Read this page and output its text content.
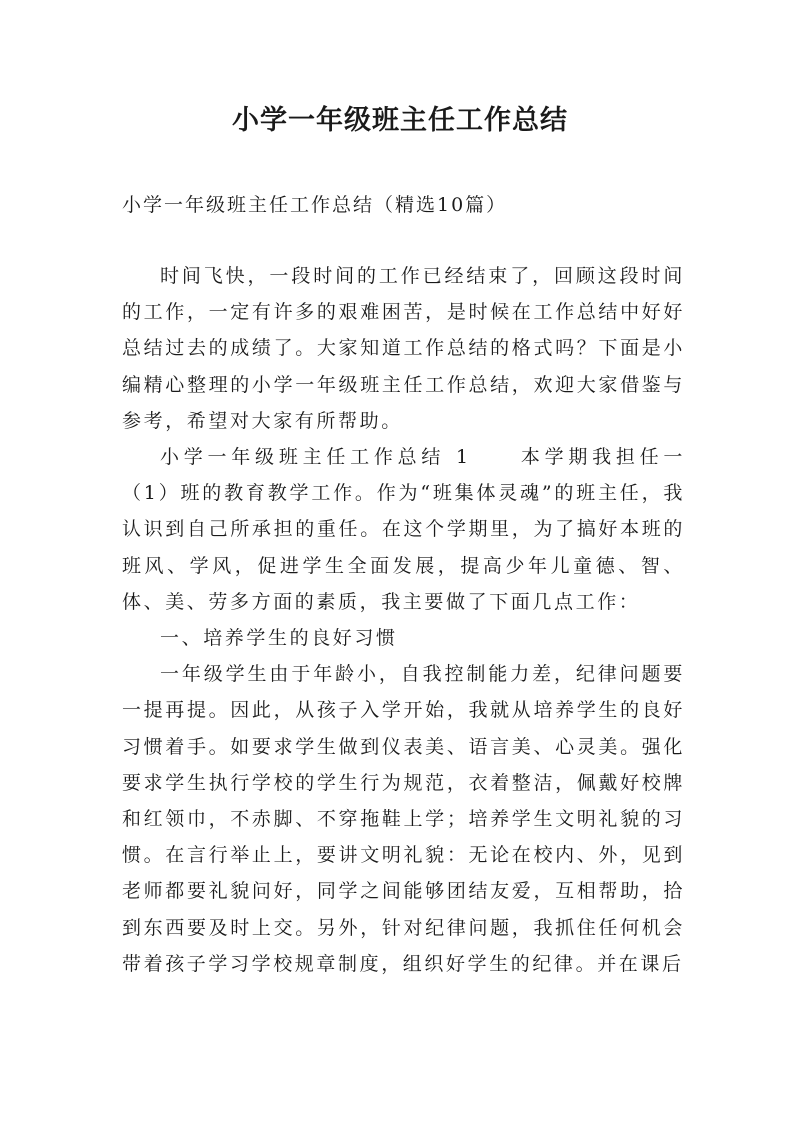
小学一年级班主任工作总结

小学一年级班主任工作总结（精选10篇）

时间飞快，一段时间的工作已经结束了，回顾这段时间的工作，一定有许多的艰难困苦，是时候在工作总结中好好总结过去的成绩了。大家知道工作总结的格式吗？下面是小编精心整理的小学一年级班主任工作总结，欢迎大家借鉴与参考，希望对大家有所帮助。

小学一年级班主任工作总结 1	本学期我担任一（1）班的教育教学工作。作为“班集体灵魂”的班主任，我认识到自己所承担的重任。在这个学期里，为了搞好本班的班风、学风，促进学生全面发展，提高少年儿童德、智、体、美、劳多方面的素质，我主要做了下面几点工作：

一、培养学生的良好习惯

一年级学生由于年龄小，自我控制能力差，纪律问题要一提再提。因此，从孩子入学开始，我就从培养学生的良好习惯着手。如要求学生做到仪表美、语言美、心灵美。强化要求学生执行学校的学生行为规范，衣着整洁，佩戴好校牌和红领巾，不赤脚、不穿拖鞋上学；培养学生文明礼貌的习惯。在言行举止上，要讲文明礼貌：无论在校内、外，见到老师都要礼貌问好，同学之间能够团结友爱，互相帮助，拾到东西要及时上交。另外，针对纪律问题，我抓住任何机会带着孩子学习学校规章制度，组织好学生的纪律。并在课后
